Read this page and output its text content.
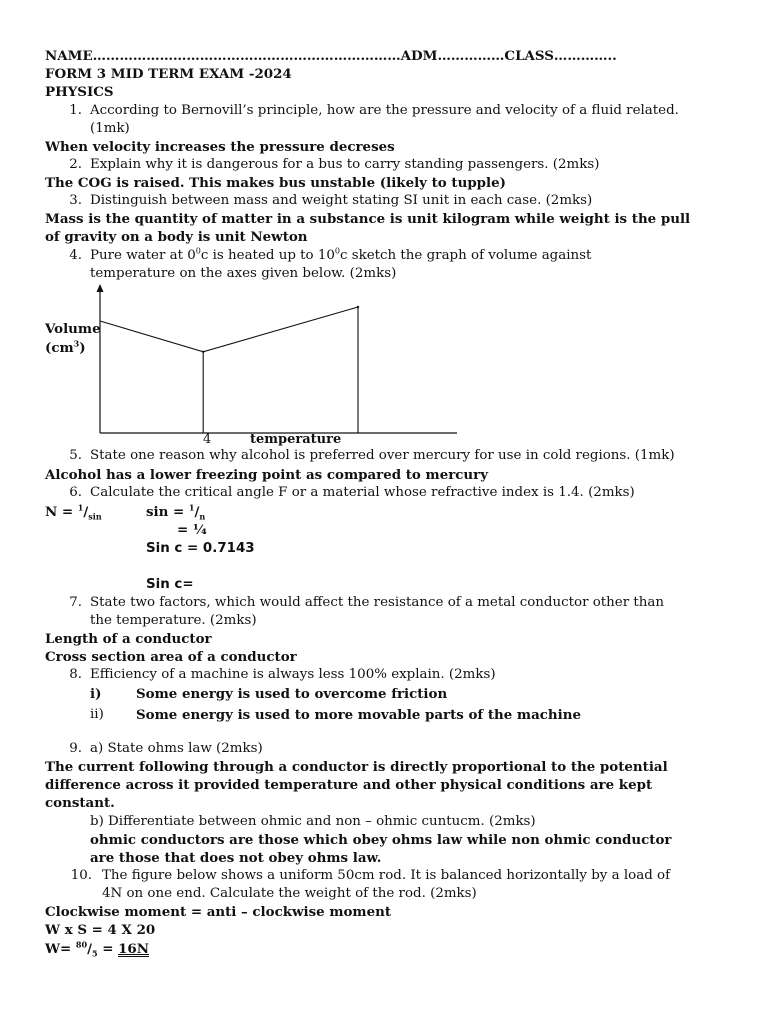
NAME……………………………………………………………ADM……………CLASS…………..
FORM 3 MID TERM EXAM -2024
PHYSICS
1. According to Bernovill’s principle, how are the pressure and velocity of a fluid related.
(1mk)
When velocity increases the pressure decreses
2. Explain why it is dangerous for a bus to carry standing passengers. (2mks)
The COG is raised. This makes bus unstable (likely to tupple)
3. Distinguish between mass and weight stating SI unit in each case. (2mks)
Mass is the quantity of matter in a substance is unit kilogram while weight is the pull
of gravity on a body is unit Newton
4. Pure water at $0^0c$ is heated up to $10^0c$ sketch the graph of volume against
temperature on the axes given below. (2mks)
Volume
$(cm^3)$
4	temperature
5. State one reason why alcohol is preferred over mercury for use in cold regions. (1mk)
Alcohol has a lower freezing point as compared to mercury
6. Calculate the critical angle F or a material whose refractive index is 1.4. (2mks)
$N = ^1/_{sin}$	$\sin = ^1/_n$
= ¹⁄₄
Sin c = 0.7143
Sin c=
7. State two factors, which would affect the resistance of a metal conductor other than
the temperature. (2mks)
Length of a conductor
Cross section area of a conductor
8. Efficiency of a machine is always less 100% explain. (2mks)
i)	Some energy is used to overcome friction
ii) Some energy is used to more movable parts of the machine
9. a) State ohms law (2mks)
The current following through a conductor is directly proportional to the potential
difference across it provided temperature and other physical conditions are kept
constant.
b) Differentiate between ohmic and non – ohmic cuntucm. (2mks)
ohmic conductors are those which obey ohms law while non ohmic conductor
are those that does not obey ohms law.
10. The figure below shows a uniform 50cm rod. It is balanced horizontally by a load of
4N on one end. Calculate the weight of the rod. (2mks)
Clockwise moment = anti – clockwise moment
W x S = 4 X 20
$W= ^{80}/_5 = 16N$
